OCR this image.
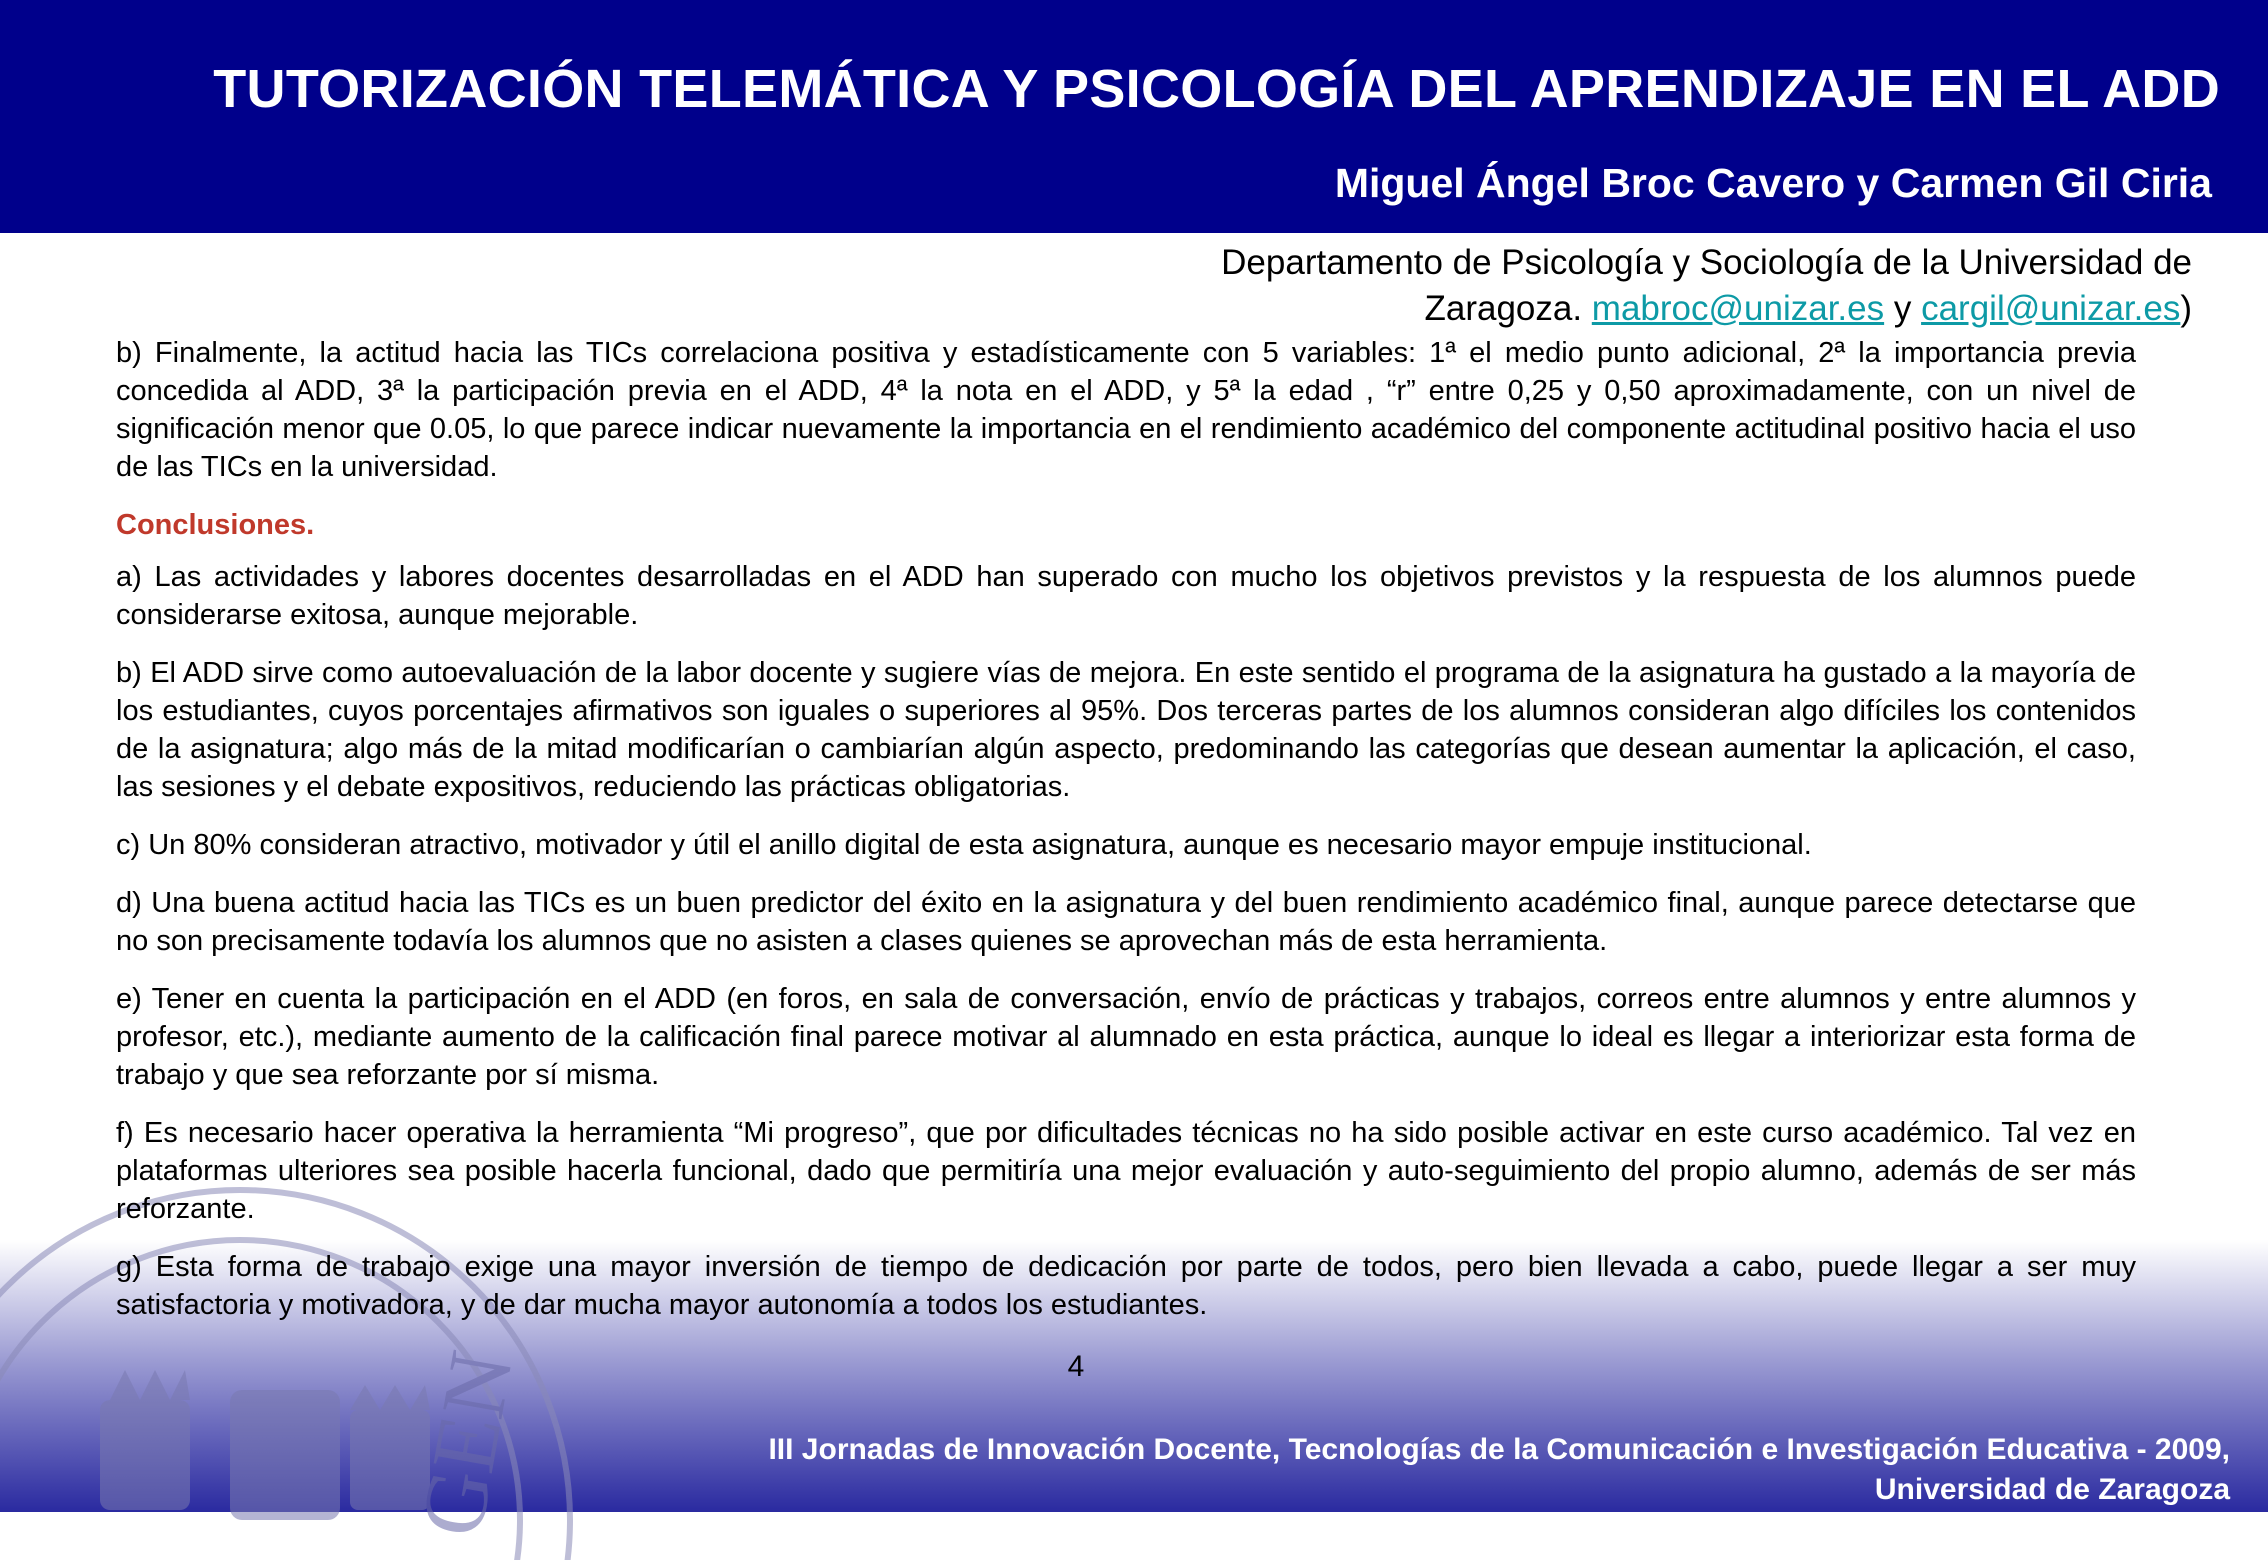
TUTORIZACIÓN TELEMÁTICA Y PSICOLOGÍA DEL APRENDIZAJE EN EL ADD

Miguel Ángel Broc Cavero y Carmen Gil Ciria

Departamento de Psicología y Sociología de la Universidad de
Zaragoza. mabroc@unizar.es y cargil@unizar.es)
GEN

b) Finalmente, la actitud hacia las TICs correlaciona positiva y estadísticamente con 5 variables: 1ª el medio punto adicional, 2ª la importancia previa concedida al ADD, 3ª la participación previa en el ADD, 4ª la nota en el ADD, y 5ª la edad , “r” entre 0,25 y 0,50 aproximadamente, con un nivel de significación menor que 0.05, lo que parece indicar nuevamente la importancia en el rendimiento académico del componente actitudinal positivo hacia el uso de las TICs en la universidad.

Conclusiones.

a) Las actividades y labores docentes desarrolladas en el ADD han superado con mucho los objetivos previstos y la respuesta de los alumnos puede considerarse exitosa, aunque mejorable.

b) El ADD sirve como autoevaluación de la labor docente y sugiere vías de mejora. En este sentido el programa de la asignatura ha gustado a la mayoría de los estudiantes, cuyos porcentajes afirmativos son iguales o superiores al 95%. Dos terceras partes de los alumnos consideran algo difíciles los contenidos de la asignatura; algo más de la mitad modificarían o cambiarían algún aspecto, predominando las categorías que desean aumentar la aplicación, el caso, las sesiones y el debate expositivos, reduciendo las prácticas obligatorias.

c) Un 80% consideran atractivo, motivador y útil el anillo digital de esta asignatura, aunque es necesario mayor empuje institucional.

d) Una buena actitud hacia las TICs es un buen predictor del éxito en la asignatura y del buen rendimiento académico final, aunque parece detectarse que no son precisamente todavía los alumnos que no asisten a clases quienes se aprovechan más de esta herramienta.

e) Tener en cuenta la participación en el ADD (en foros, en sala de conversación, envío de prácticas y trabajos, correos entre alumnos y entre alumnos y profesor, etc.), mediante aumento de la calificación final parece motivar al alumnado en esta práctica, aunque lo ideal es llegar a interiorizar esta forma de trabajo y que sea reforzante por sí misma.

f) Es necesario hacer operativa la herramienta “Mi progreso”, que por dificultades técnicas no ha sido posible activar en este curso académico. Tal vez en plataformas ulteriores sea posible hacerla funcional, dado que permitiría una mejor evaluación y auto-seguimiento del propio alumno, además de ser más reforzante.

g) Esta forma de trabajo exige una mayor inversión de tiempo de dedicación por parte de todos, pero bien llevada a cabo, puede llegar a ser muy satisfactoria y motivadora, y de dar mucha mayor autonomía a todos los estudiantes.

4
III Jornadas de Innovación Docente, Tecnologías de la Comunicación e Investigación Educativa - 2009,
Universidad de Zaragoza
